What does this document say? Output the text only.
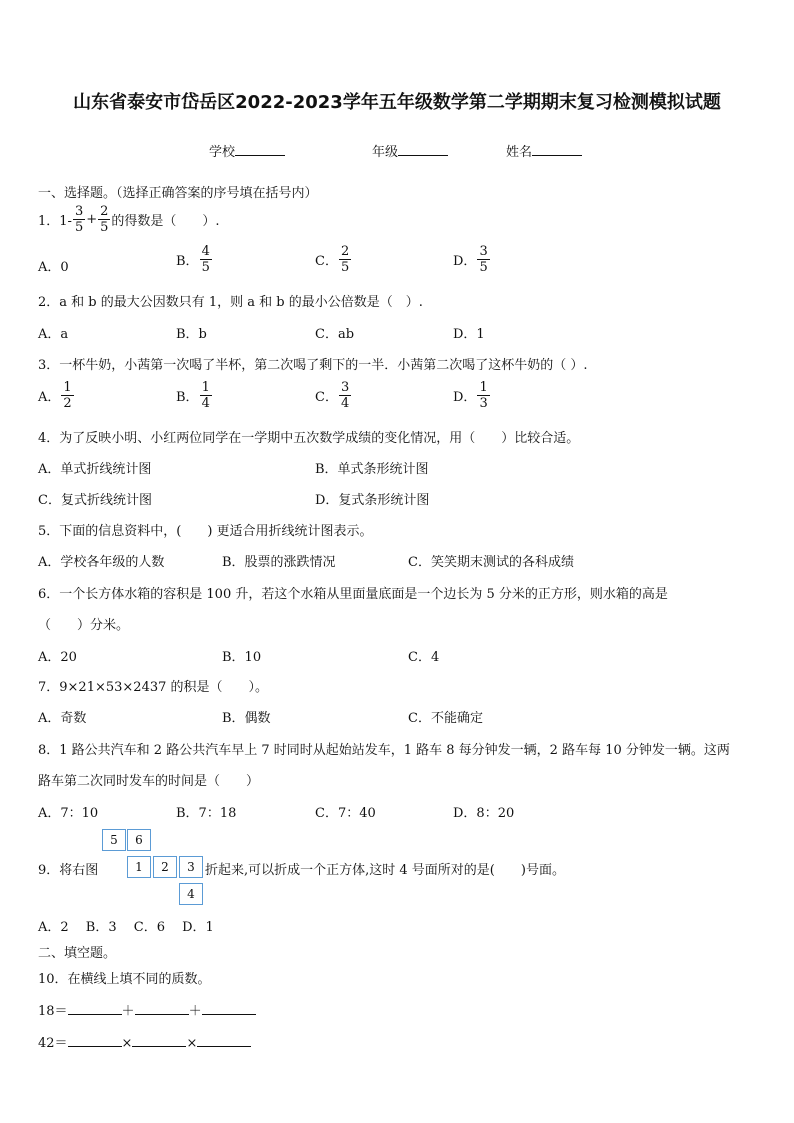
山东省泰安市岱岳区2022-2023学年五年级数学第二学期期末复习检测模拟试题
学校	年级	姓名
一、选择题。（选择正确答案的序号填在括号内）
1．$1- \frac{3}{5} + \frac{2}{5}$ 的得数是（　　）.
A．0	B． $\frac{4}{5}$	C． $\frac{2}{5}$	D． $\frac{3}{5}$
2．a 和 b 的最大公因数只有 1，则 a 和 b 的最小公倍数是（　）.
A．a	B．b	C．ab	D．1
3．一杯牛奶，小茜第一次喝了半杯，第二次喝了剩下的一半．小茜第二次喝了这杯牛奶的（ ）.
A． $\frac{1}{2}$	B． $\frac{1}{4}$	C． $\frac{3}{4}$	D． $\frac{1}{3}$
4．为了反映小明、小红两位同学在一学期中五次数学成绩的变化情况，用（　　）比较合适。
A．单式折线统计图	B．单式条形统计图
C．复式折线统计图	D．复式条形统计图
5．下面的信息资料中，(　　) 更适合用折线统计图表示。
A．学校各年级的人数	B．股票的涨跌情况	C．笑笑期末测试的各科成绩
6．一个长方体水箱的容积是 100 升，若这个水箱从里面量底面是一个边长为 5 分米的正方形，则水箱的高是
（　　）分米。
A．20	B．10	C．4
7．9×21×53×2437 的积是（　　）。
A．奇数	B．偶数	C．不能确定
8．1 路公共汽车和 2 路公共汽车早上 7 时同时从起始站发车，1 路车 8 每分钟发一辆，2 路车每 10 分钟发一辆。这两
路车第二次同时发车的时间是（　　）
A．7：10	B．7：18	C．7：40	D．8：20
9．将右图
5	6
1	2	3
4
折起来,可以折成一个正方体,这时 4 号面所对的是(　　)号面。
A．2　 B．3　 C．6　 D．1
二、填空题。
10．在横线上填不同的质数。
18＝	＋	＋
42＝	×	×
